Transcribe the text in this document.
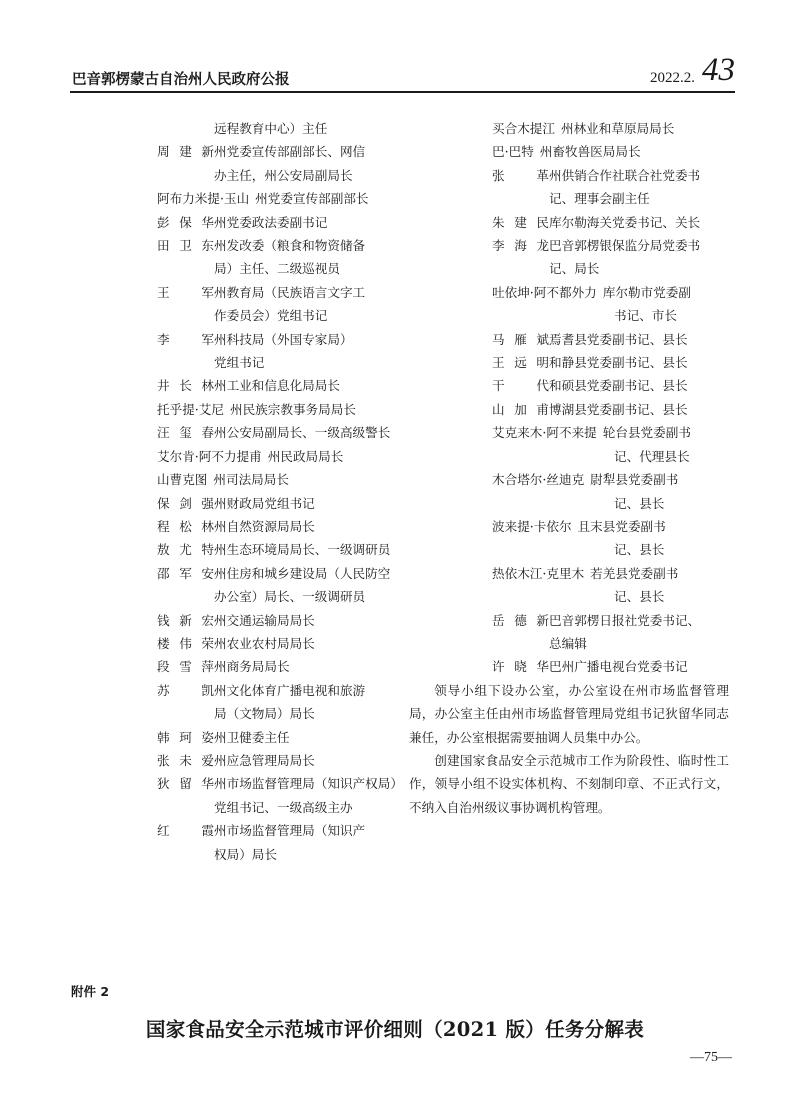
巴音郭楞蒙古自治州人民政府公报	2022.2. 43
远程教育中心）主任
周建新 州党委宣传部副部长、网信
办主任，州公安局副局长
阿布力米提·玉山 州党委宣传部副部长
彭保华 州党委政法委副书记
田卫东 州发改委（粮食和物资储备
局）主任、二级巡视员
王　军 州教育局（民族语言文字工
作委员会）党组书记
李　军 州科技局（外国专家局）
党组书记
井长林 州工业和信息化局局长
托乎提·艾尼 州民族宗教事务局局长
汪玺春 州公安局副局长、一级高级警长
艾尔肯·阿不力提甫 州民政局局长
山曹克图 州司法局局长
保剑强 州财政局党组书记
程松林 州自然资源局局长
敖尤特 州生态环境局局长、一级调研员
邵军安 州住房和城乡建设局（人民防空
办公室）局长、一级调研员
钱新宏 州交通运输局局长
楼伟荣 州农业农村局局长
段雪萍 州商务局局长
苏　凯 州文化体育广播电视和旅游
局（文物局）局长
韩珂姿 州卫健委主任
张未爱 州应急管理局局长
狄留华 州市场监督管理局（知识产权局）
党组书记、一级高级主办
红　霞 州市场监督管理局（知识产
权局）局长
买合木提江 州林业和草原局局长
巴·巴特 州畜牧兽医局局长
张　革 州供销合作社联合社党委书
记、理事会副主任
朱建民 库尔勒海关党委书记、关长
李海龙 巴音郭楞银保监分局党委书
记、局长
吐依坤·阿不都外力 库尔勒市党委副
书记、市长
马雁斌 焉耆县党委副书记、县长
王远明 和静县党委副书记、县长
干　代 和硕县党委副书记、县长
山加甫 博湖县党委副书记、县长
艾克来木·阿不来提 轮台县党委副书
记、代理县长
木合塔尔·丝迪克 尉犁县党委副书
记、县长
波来提·卡依尔 且末县党委副书
记、县长
热依木江·克里木 若羌县党委副书
记、县长
岳德新 巴音郭楞日报社党委书记、
总编辑
许晓华 巴州广播电视台党委书记
领导小组下设办公室，办公室设在州市场监督管理局，办公室主任由州市场监督管理局党组书记狄留华同志兼任，办公室根据需要抽调人员集中办公。
创建国家食品安全示范城市工作为阶段性、临时性工作，领导小组不设实体机构、不刻制印章、不正式行文，不纳入自治州级议事协调机构管理。
附件 2
国家食品安全示范城市评价细则（2021 版）任务分解表
—75—
